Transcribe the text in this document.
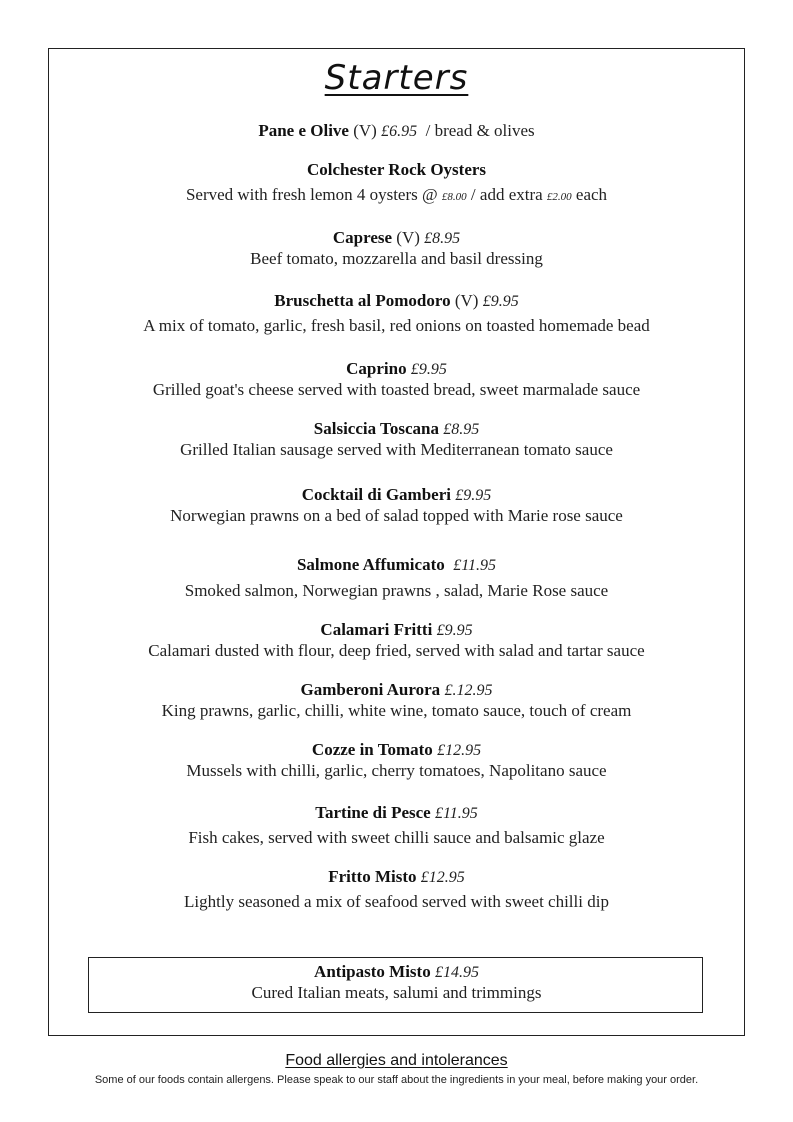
Starters
Pane e Olive (V) £6.95 / bread & olives
Colchester Rock Oysters
Served with fresh lemon 4 oysters @ £8.00 / add extra £2.00 each
Caprese (V) £8.95
Beef tomato, mozzarella and basil dressing
Bruschetta al Pomodoro (V) £9.95
A mix of tomato, garlic, fresh basil, red onions on toasted homemade bead
Caprino £9.95
Grilled goat's cheese served with toasted bread, sweet marmalade sauce
Salsiccia Toscana £8.95
Grilled Italian sausage served with Mediterranean tomato sauce
Cocktail di Gamberi £9.95
Norwegian prawns on a bed of salad topped with Marie rose sauce
Salmone Affumicato £11.95
Smoked salmon, Norwegian prawns , salad, Marie Rose sauce
Calamari Fritti £9.95
Calamari dusted with flour, deep fried, served with salad and tartar sauce
Gamberoni Aurora £.12.95
King prawns, garlic, chilli, white wine, tomato sauce, touch of cream
Cozze in Tomato £12.95
Mussels with chilli, garlic, cherry tomatoes, Napolitano sauce
Tartine di Pesce £11.95
Fish cakes, served with sweet chilli sauce and balsamic glaze
Fritto Misto £12.95
Lightly seasoned a mix of seafood served with sweet chilli dip
Antipasto Misto £14.95
Cured Italian meats, salumi and trimmings
Food allergies and intolerances
Some of our foods contain allergens. Please speak to our staff about the ingredients in your meal, before making your order.
